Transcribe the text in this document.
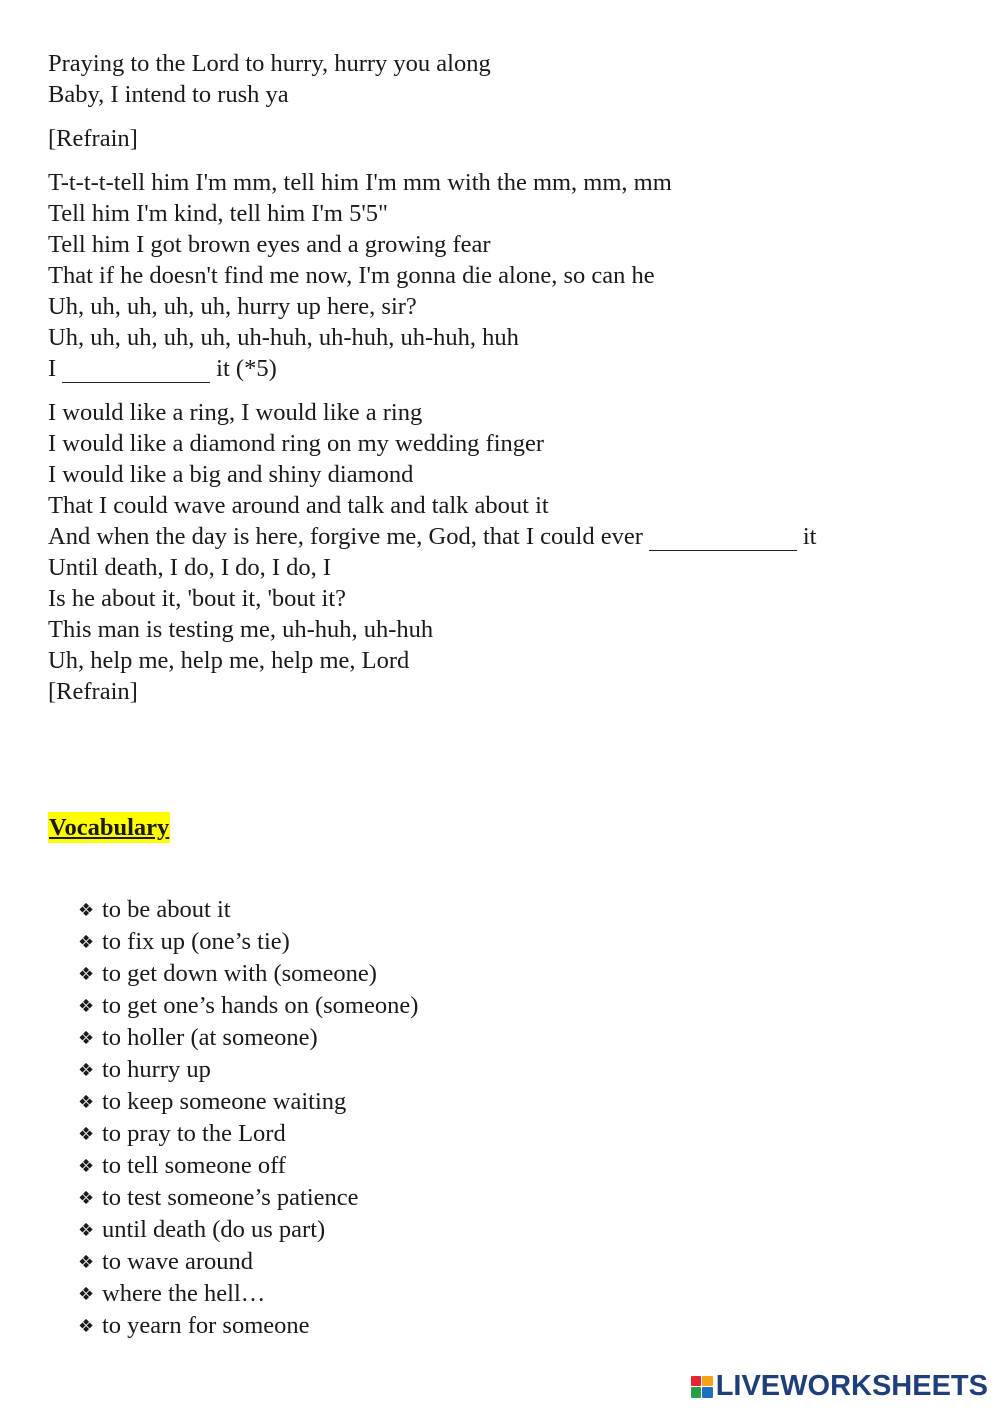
Praying to the Lord to hurry, hurry you along
Baby, I intend to rush ya
[Refrain]
T-t-t-t-tell him I'm mm, tell him I'm mm with the mm, mm, mm
Tell him I'm kind, tell him I'm 5'5"
Tell him I got brown eyes and a growing fear
That if he doesn't find me now, I'm gonna die alone, so can he
Uh, uh, uh, uh, uh, hurry up here, sir?
Uh, uh, uh, uh, uh, uh-huh, uh-huh, uh-huh, huh
I	it (*5)
I would like a ring, I would like a ring
I would like a diamond ring on my wedding finger
I would like a big and shiny diamond
That I could wave around and talk and talk about it
And when the day is here, forgive me, God, that I could ever	it
Until death, I do, I do, I do, I
Is he about it, 'bout it, 'bout it?
This man is testing me, uh-huh, uh-huh
Uh, help me, help me, help me, Lord
[Refrain]
Vocabulary
❖ to be about it
❖ to fix up (one’s tie)
❖ to get down with (someone)
❖ to get one’s hands on (someone)
❖ to holler (at someone)
❖ to hurry up
❖ to keep someone waiting
❖ to pray to the Lord
❖ to tell someone off
❖ to test someone’s patience
❖ until death (do us part)
❖ to wave around
❖ where the hell…
❖ to yearn for someone
LIVEWORKSHEETS
